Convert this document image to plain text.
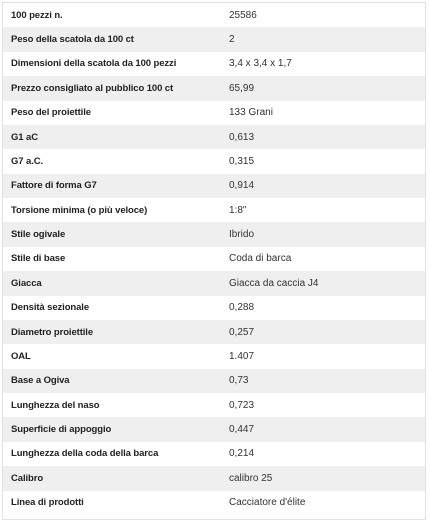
100 pezzi n.	25586
Peso della scatola da 100 ct	2
Dimensioni della scatola da 100 pezzi	3,4 x 3,4 x 1,7
Prezzo consigliato al pubblico 100 ct	65,99
Peso del proiettile	133 Grani
G1 aC	0,613
G7 a.C.	0,315
Fattore di forma G7	0,914
Torsione minima (o più veloce)	1:8"
Stile ogivale	Ibrido
Stile di base	Coda di barca
Giacca	Giacca da caccia J4
Densità sezionale	0,288
Diametro proiettile	0,257
OAL	1.407
Base a Ogiva	0,73
Lunghezza del naso	0,723
Superficie di appoggio	0,447
Lunghezza della coda della barca	0,214
Calibro	calibro 25
Linea di prodotti	Cacciatore d'élite
